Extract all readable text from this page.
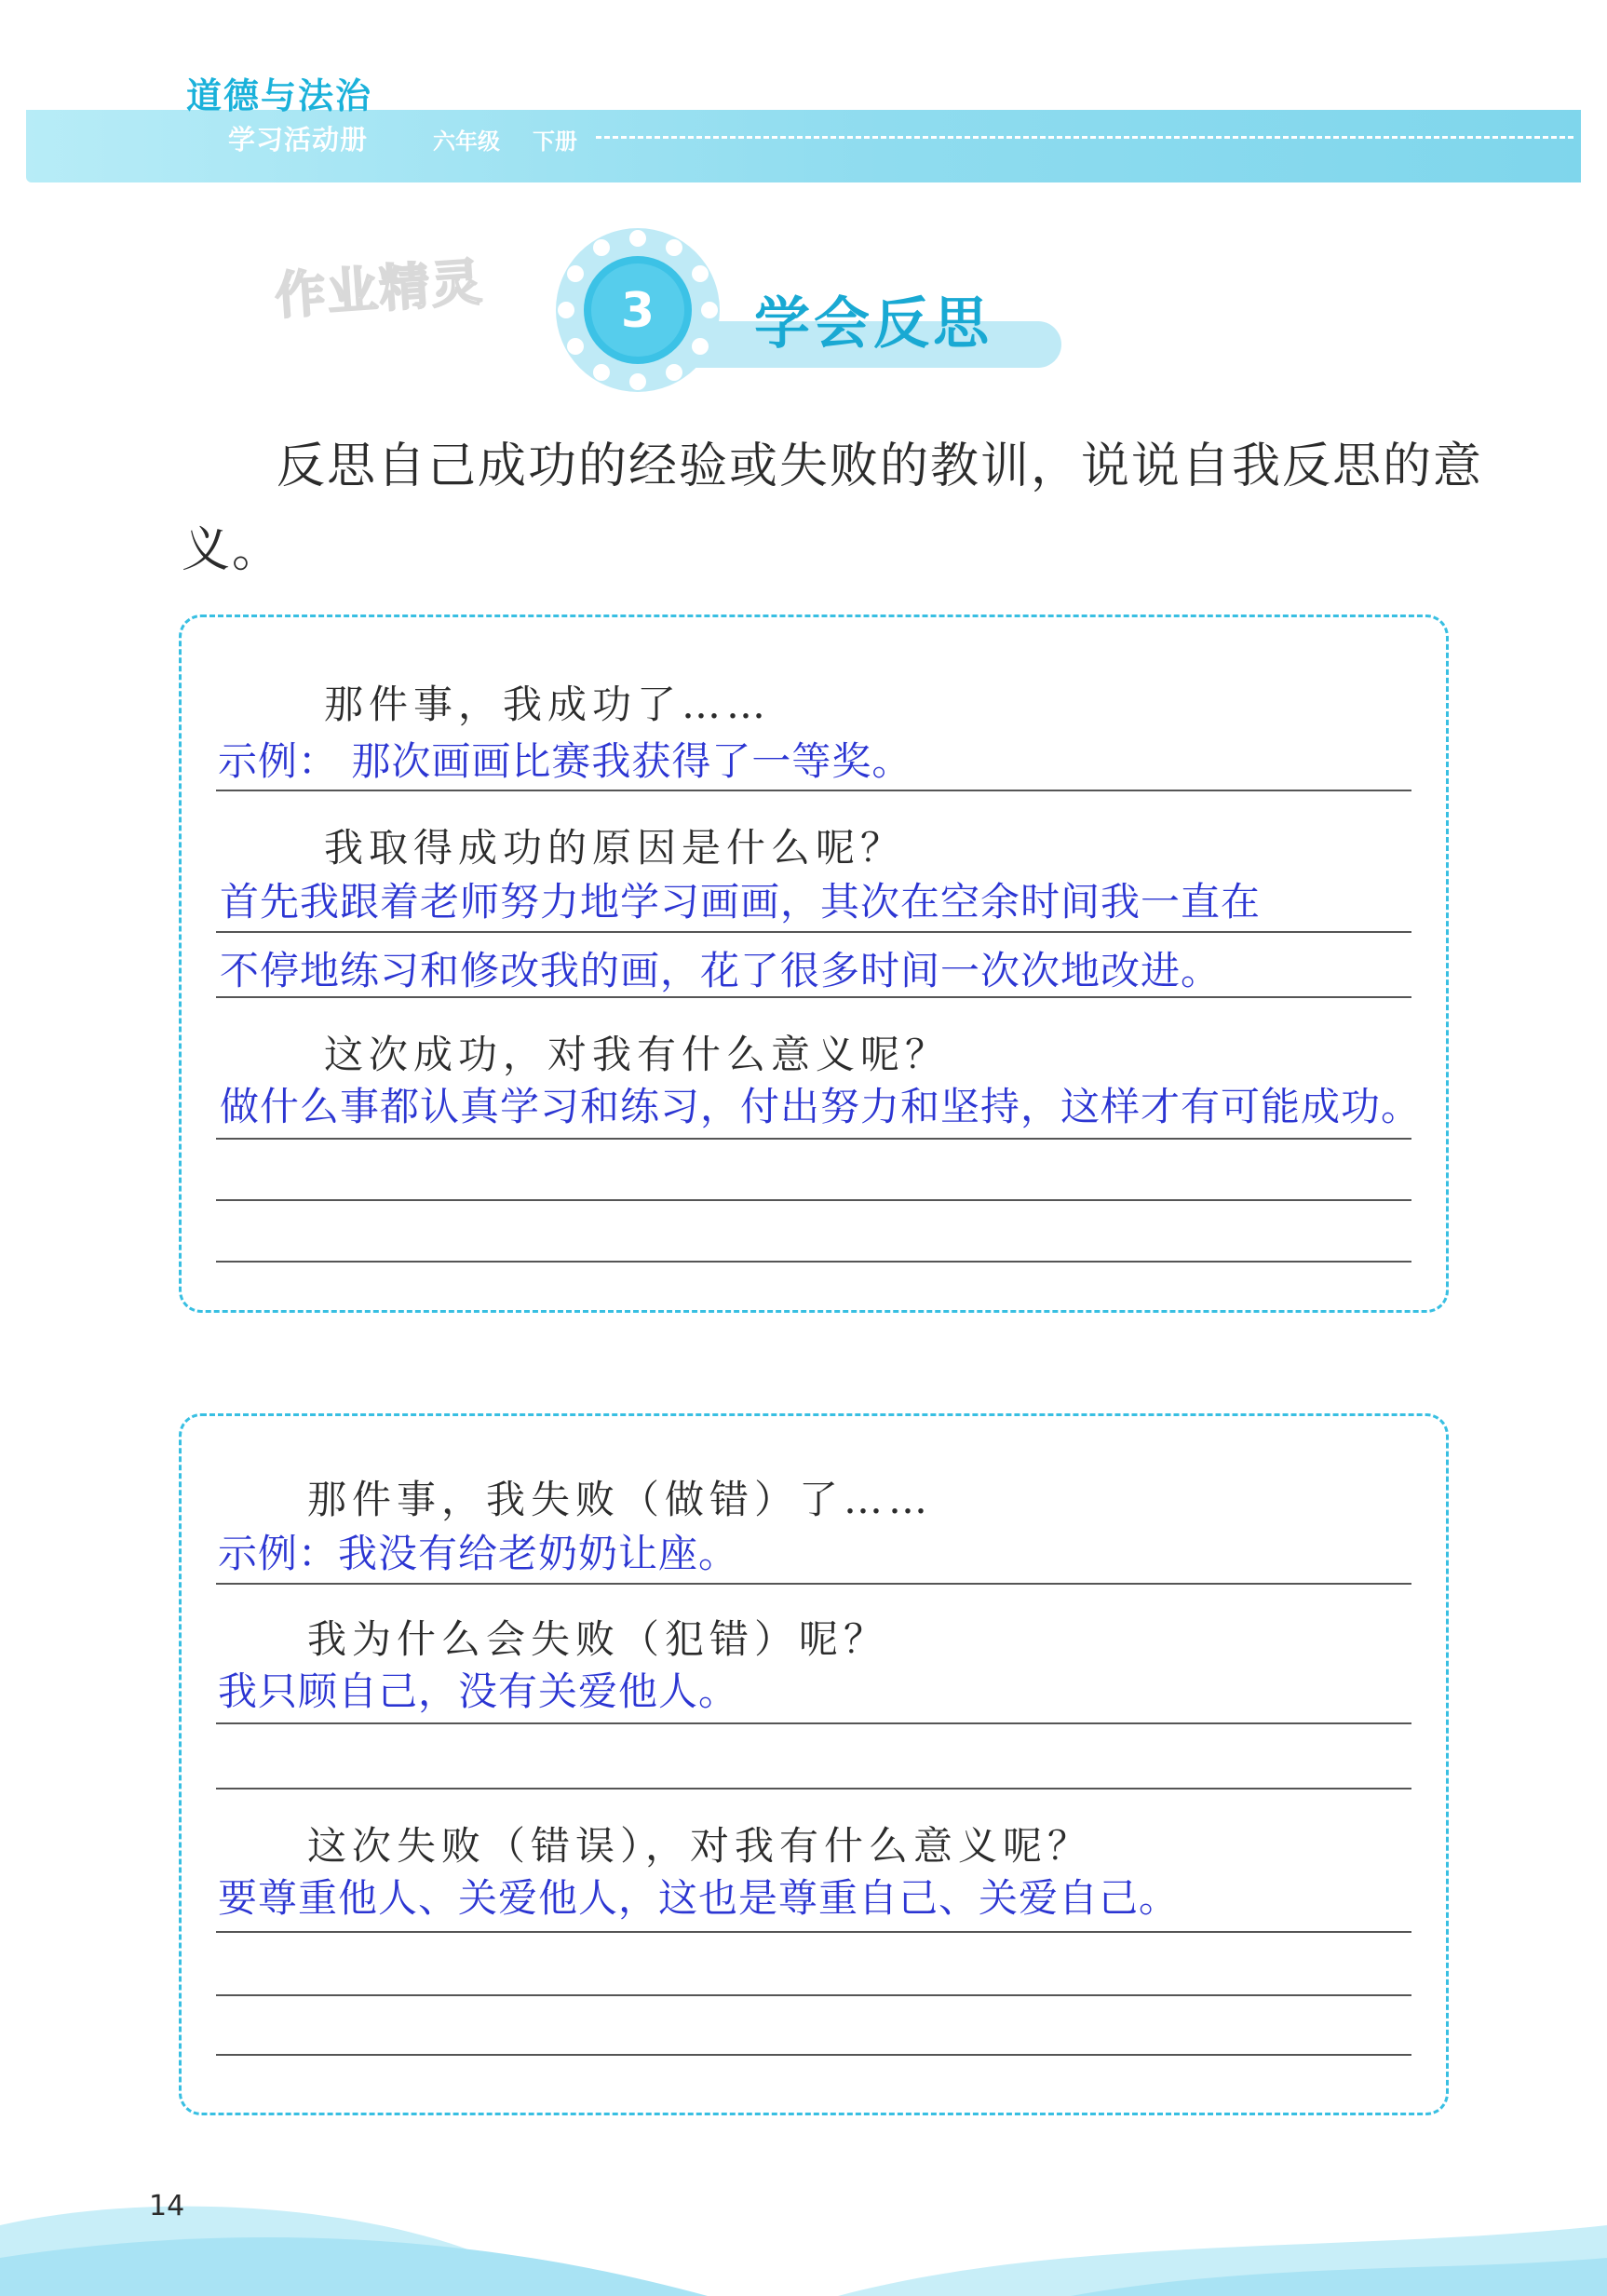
道德与法治
学习活动册	六年级 下册
作业精灵	3 学会反思
反思自己成功的经验或失败的教训，说说自我反思的意义。
那件事，我成功了……
示例： 那次画画比赛我获得了一等奖。
我取得成功的原因是什么呢？
首先我跟着老师努力地学习画画，其次在空余时间我一直在
不停地练习和修改我的画，花了很多时间一次次地改进。
这次成功，对我有什么意义呢？
做什么事都认真学习和练习，付出努力和坚持，这样才有可能成功。
那件事，我失败（做错）了……
示例：我没有给老奶奶让座。
我为什么会失败（犯错）呢？
我只顾自己，没有关爱他人。
这次失败（错误），对我有什么意义呢？
要尊重他人、关爱他人，这也是尊重自己、关爱自己。
14
